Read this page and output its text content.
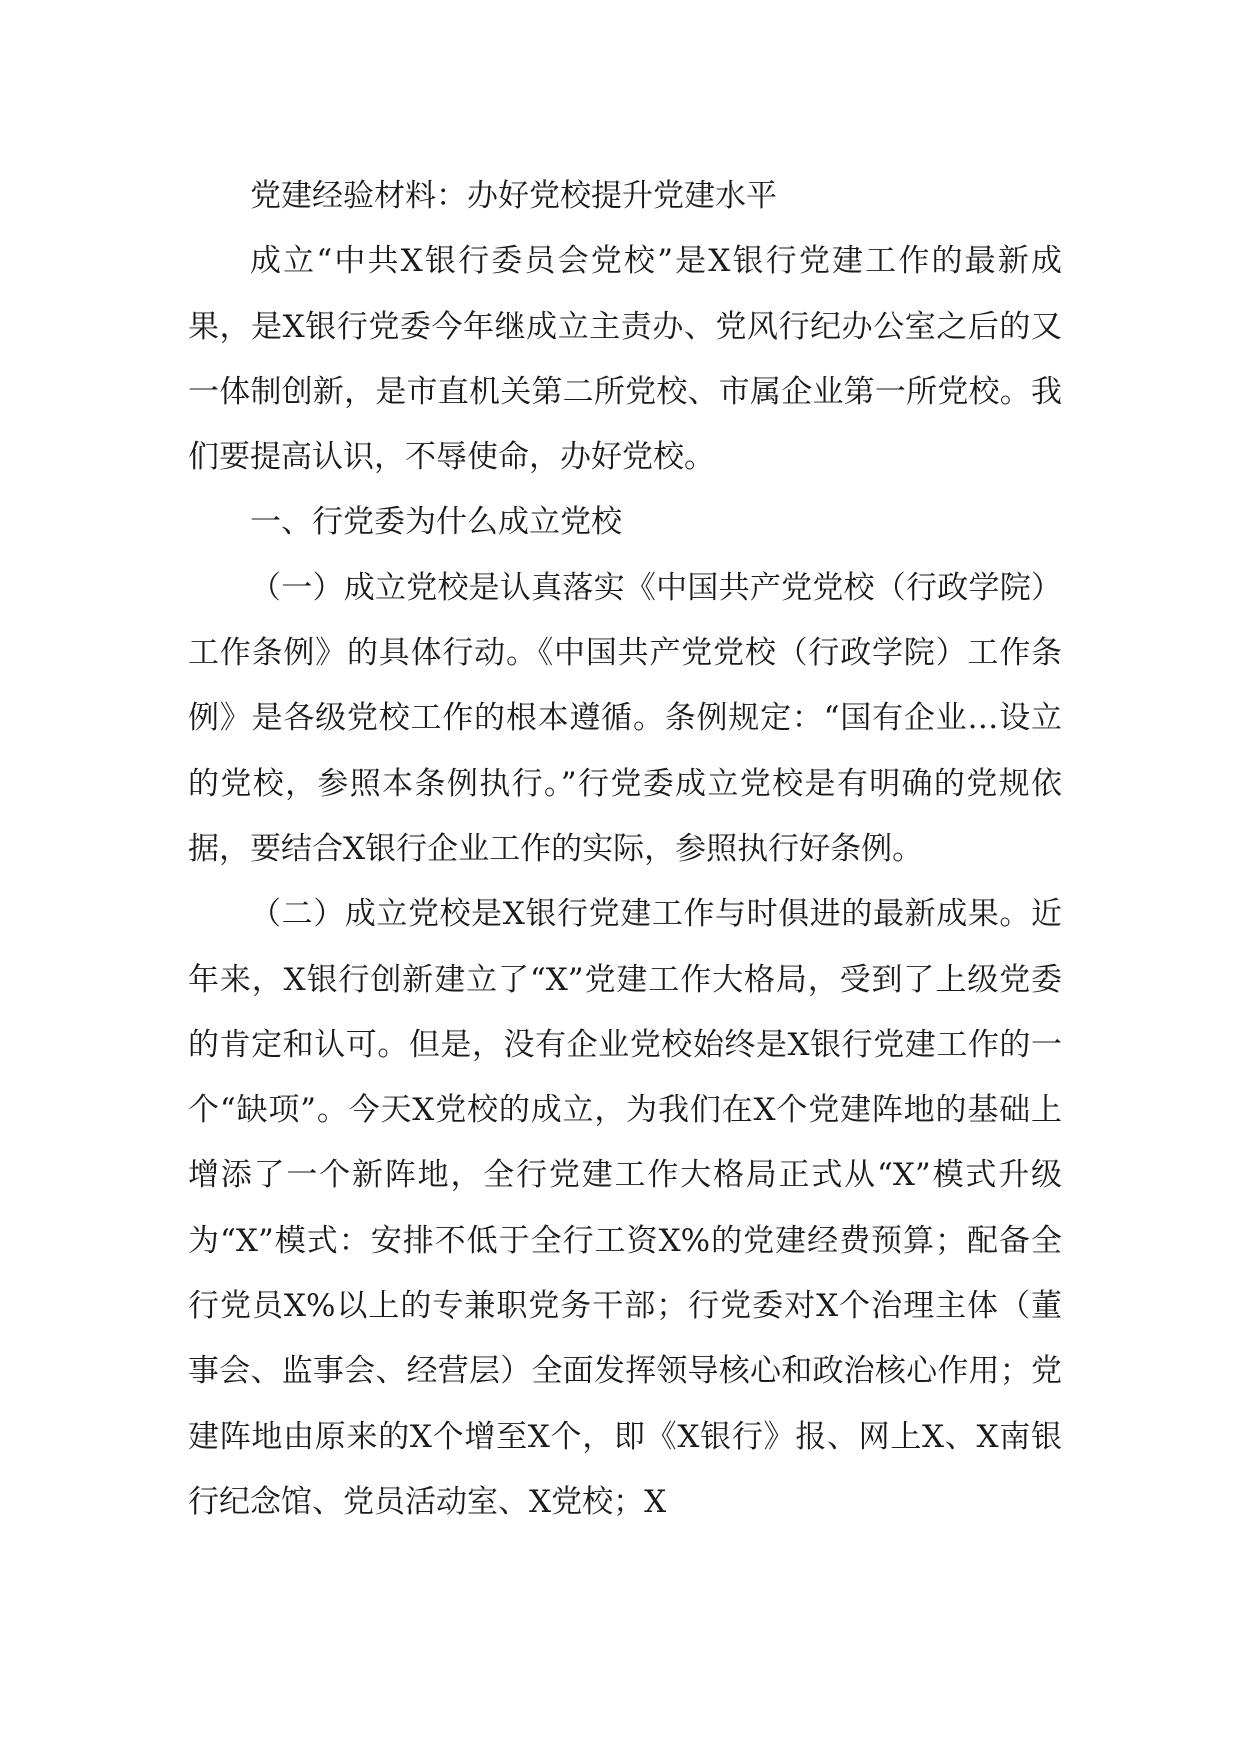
党建经验材料：办好党校提升党建水平

成立“中共X银行委员会党校”是X银行党建工作的最新成果，是X银行党委今年继成立主责办、党风行纪办公室之后的又一体制创新，是市直机关第二所党校、市属企业第一所党校。我们要提高认识，不辱使命，办好党校。

一、行党委为什么成立党校

（一）成立党校是认真落实《中国共产党党校（行政学院）工作条例》的具体行动。《中国共产党党校（行政学院）工作条例》是各级党校工作的根本遵循。条例规定：“国有企业…设立的党校，参照本条例执行。”行党委成立党校是有明确的党规依据，要结合X银行企业工作的实际，参照执行好条例。

（二）成立党校是X银行党建工作与时俱进的最新成果。近年来，X银行创新建立了“X”党建工作大格局，受到了上级党委的肯定和认可。但是，没有企业党校始终是X银行党建工作的一个“缺项”。今天X党校的成立，为我们在X个党建阵地的基础上增添了一个新阵地，全行党建工作大格局正式从“X”模式升级为“X”模式：安排不低于全行工资X%的党建经费预算；配备全行党员X%以上的专兼职党务干部；行党委对X个治理主体（董事会、监事会、经营层）全面发挥领导核心和政治核心作用；党建阵地由原来的X个增至X个，即《X银行》报、网上X、X南银行纪念馆、党员活动室、X党校；X
